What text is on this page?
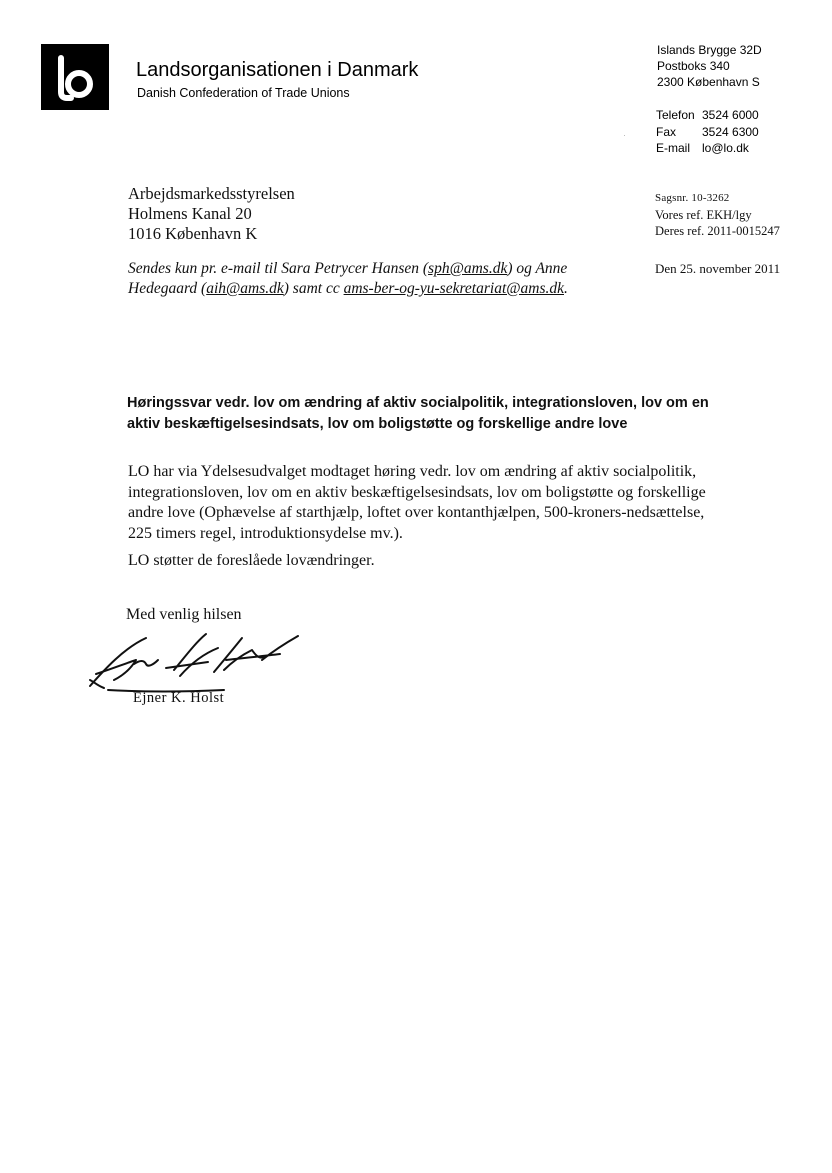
Landsorganisationen i Danmark
Danish Confederation of Trade Unions
Islands Brygge 32D
Postboks 340
2300 København S
Telefon 3524 6000
Fax	3524 6300
E-mail lo@lo.dk
Arbejdsmarkedsstyrelsen
Holmens Kanal 20
1016 København K
Sagsnr. 10-3262
Vores ref. EKH/lgy
Deres ref. 2011-0015247
Den 25. november 2011
Sendes kun pr. e-mail til Sara Petrycer Hansen (sph@ams.dk) og Anne Hedegaard (aih@ams.dk) samt cc ams-ber-og-yu-sekretariat@ams.dk.
Høringssvar vedr. lov om ændring af aktiv socialpolitik, integrationsloven, lov om en aktiv beskæftigelsesindsats, lov om boligstøtte og forskellige andre love
LO har via Ydelsesudvalget modtaget høring vedr. lov om ændring af aktiv socialpolitik, integrationsloven, lov om en aktiv beskæftigelsesindsats, lov om boligstøtte og forskellige andre love (Ophævelse af starthjælp, loftet over kontanthjælpen, 500-kroners-nedsættelse, 225 timers regel, introduktionsydelse mv.).
LO støtter de foreslåede lovændringer.
Med venlig hilsen
Ejner K. Holst
